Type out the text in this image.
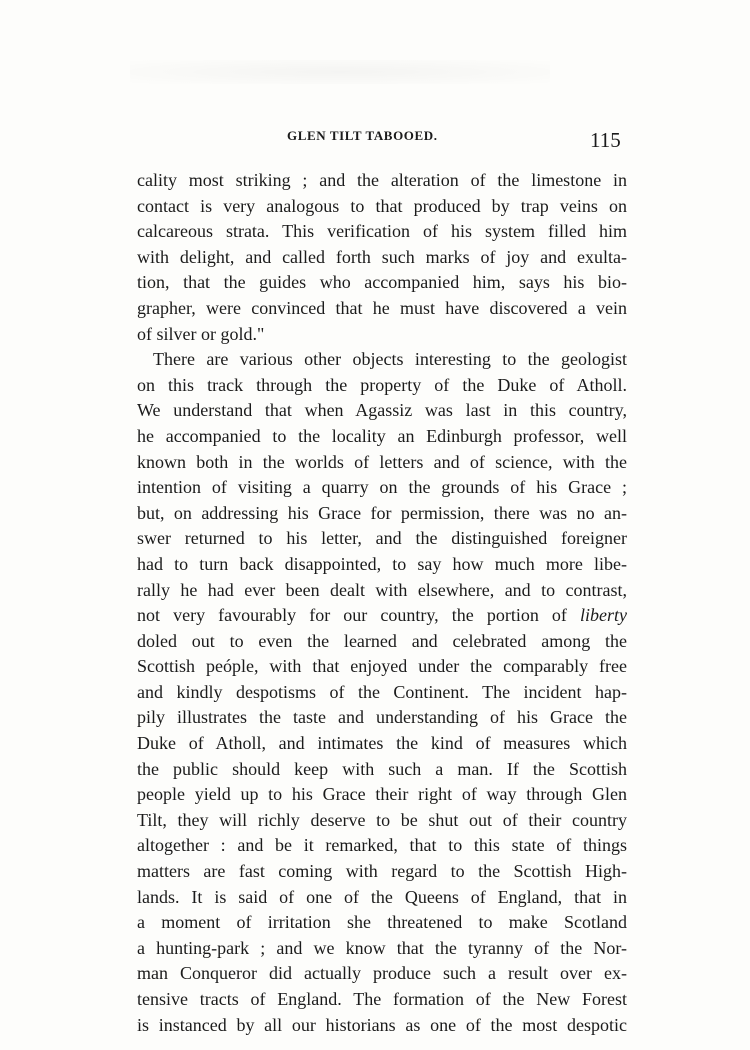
GLEN TILT TABOOED.	115
cality most striking ; and the alteration of the limestone in
contact is very analogous to that produced by trap veins on
calcareous strata. This verification of his system filled him
with delight, and called forth such marks of joy and exulta-
tion, that the guides who accompanied him, says his bio-
grapher, were convinced that he must have discovered a vein
of silver or gold."
There are various other objects interesting to the geologist
on this track through the property of the Duke of Atholl.
We understand that when Agassiz was last in this country,
he accompanied to the locality an Edinburgh professor, well
known both in the worlds of letters and of science, with the
intention of visiting a quarry on the grounds of his Grace ;
but, on addressing his Grace for permission, there was no an-
swer returned to his letter, and the distinguished foreigner
had to turn back disappointed, to say how much more libe-
rally he had ever been dealt with elsewhere, and to contrast,
not very favourably for our country, the portion of liberty
doled out to even the learned and celebrated among the
Scottish peóple, with that enjoyed under the comparably free
and kindly despotisms of the Continent. The incident hap-
pily illustrates the taste and understanding of his Grace the
Duke of Atholl, and intimates the kind of measures which
the public should keep with such a man. If the Scottish
people yield up to his Grace their right of way through Glen
Tilt, they will richly deserve to be shut out of their country
altogether : and be it remarked, that to this state of things
matters are fast coming with regard to the Scottish High-
lands. It is said of one of the Queens of England, that in
a moment of irritation she threatened to make Scotland
a hunting-park ; and we know that the tyranny of the Nor-
man Conqueror did actually produce such a result over ex-
tensive tracts of England. The formation of the New Forest
is instanced by all our historians as one of the most despotic
